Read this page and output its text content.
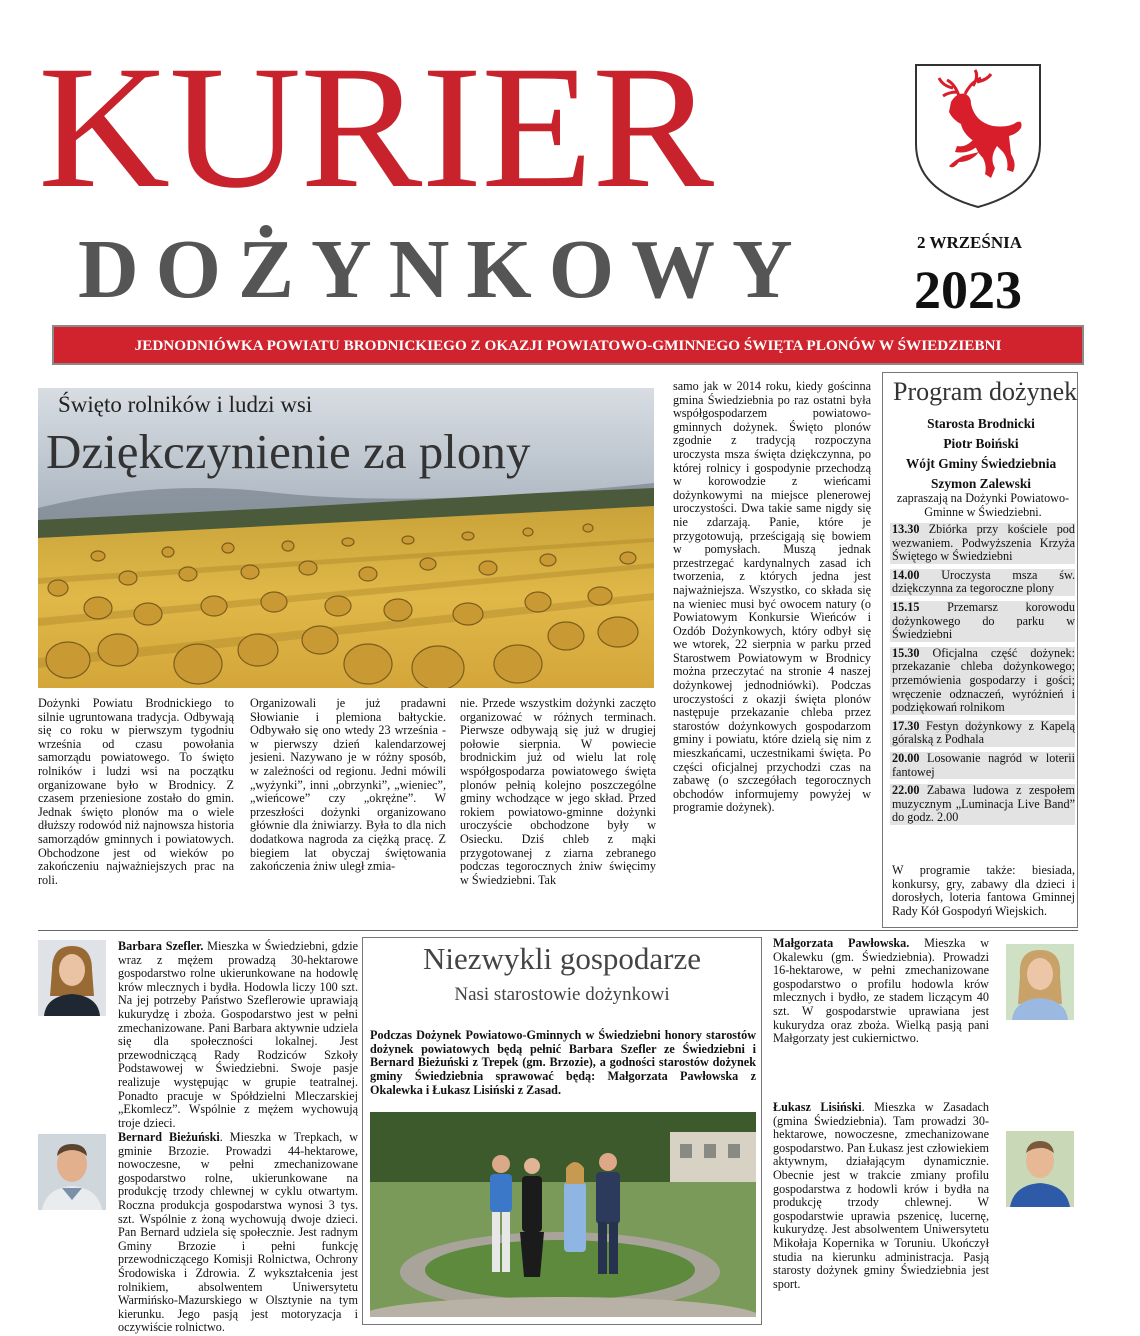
KURIER
DOŻYNKOWY	2 WRZEŚNIA
2023
JEDNODNIÓWKA POWIATU BRODNICKIEGO Z OKAZJI POWIATOWO-GMINNEGO ŚWIĘTA PLONÓW W ŚWIEDZIEBNI
Święto rolników i ludzi wsi
Dziękczynienie za plony

Dożynki Powiatu Brodnickiego to silnie ugruntowana tradycja. Odbywają się co roku w pierwszym tygodniu września od czasu powołania samorządu powiatowego. To święto rolników i ludzi wsi na początku organizowane było w Brodnicy. Z czasem przeniesione zostało do gmin. Jednak święto plonów ma o wiele dłuższy rodowód niż najnowsza historia samorządów gminnych i powiatowych. Obchodzone jest od wieków po zakończeniu najważniejszych prac na roli.

Organizowali je już pradawni Słowianie i plemiona bałtyckie. Odbywało się ono wtedy 23 września - w pierwszy dzień kalendarzowej jesieni. Nazywano je w różny sposób, w zależności od regionu. Jedni mówili „wyżynki”, inni „obrzynki”, „wieniec”, „wieńcowe” czy „okrężne”. W przeszłości dożynki organizowano głównie dla żniwiarzy. Była to dla nich dodatkowa nagroda za ciężką pracę. Z biegiem lat obyczaj świętowania zakończenia żniw uległ zmia-

nie. Przede wszystkim dożynki zaczęto organizować w różnych terminach. Pierwsze odbywają się już w drugiej połowie sierpnia. W powiecie brodnickim już od wielu lat rolę współgospodarza powiatowego święta plonów pełnią kolejno poszczególne gminy wchodzące w jego skład. Przed rokiem powiatowo-gminne dożynki uroczyście obchodzone były w Osiecku. Dziś chleb z mąki przygotowanej z ziarna zebranego podczas tegorocznych żniw święcimy w Świedziebni. Tak

samo jak w 2014 roku, kiedy gościnna gmina Świedziebnia po raz ostatni była współgospodarzem powiatowo-gminnych dożynek. Święto plonów zgodnie z tradycją rozpoczyna uroczysta msza święta dziękczynna, po której rolnicy i gospodynie przechodzą w korowodzie z wieńcami dożynkowymi na miejsce plenerowej uroczystości. Dwa takie same nigdy się nie zdarzają. Panie, które je przygotowują, prześcigają się bowiem w pomysłach. Muszą jednak przestrzegać kardynalnych zasad ich tworzenia, z których jedna jest najważniejsza. Wszystko, co składa się na wieniec musi być owocem natury (o Powiatowym Konkursie Wieńców i Ozdób Dożynkowych, który odbył się we wtorek, 22 sierpnia w parku przed Starostwem Powiatowym w Brodnicy można przeczytać na stronie 4 naszej dożynkowej jednodniówki). Podczas uroczystości z okazji święta plonów następuje przekazanie chleba przez starostów dożynkowych gospodarzom gminy i powiatu, które dzielą się nim z mieszkańcami, uczestnikami święta. Po części oficjalnej przychodzi czas na zabawę (o szczegółach tegorocznych obchodów informujemy powyżej w programie dożynek).

Program dożynek
Starosta Brodnicki
Piotr Boiński
Wójt Gminy Świedziebnia
Szymon Zalewski
zapraszają na Dożynki Powiatowo-Gminne w Świedziebni.

13.30 Zbiórka przy kościele pod wezwaniem. Podwyższenia Krzyża Świętego w Świedziebni

14.00 Uroczysta msza św. dziękczynna za tegoroczne plony

15.15 Przemarsz korowodu dożynkowego do parku w Świedziebni

15.30 Oficjalna część dożynek: przekazanie chleba dożynkowego; przemówienia gospodarzy i gości; wręczenie odznaczeń, wyróżnień i podziękowań rolnikom

17.30 Festyn dożynkowy z Kapelą góralską z Podhala

20.00 Losowanie nagród w loterii fantowej

22.00 Zabawa ludowa z zespołem muzycznym „Luminacja Live Band” do godz. 2.00

W programie także: biesiada, konkursy, gry, zabawy dla dzieci i dorosłych, loteria fantowa Gminnej Rady Kół Gospodyń Wiejskich.

Barbara Szefler. Mieszka w Świedziebni, gdzie wraz z mężem prowadzą 30-hektarowe gospodarstwo rolne ukierunkowane na hodowlę krów mlecznych i bydła. Hodowla liczy 100 szt. Na jej potrzeby Państwo Szeflerowie uprawiają kukurydzę i zboża. Gospodarstwo jest w pełni zmechanizowane. Pani Barbara aktywnie udziela się dla społeczności lokalnej. Jest przewodniczącą Rady Rodziców Szkoły Podstawowej w Świedziebni. Swoje pasje realizuje występując w grupie teatralnej. Ponadto pracuje w Spółdzielni Mleczarskiej „Ekomlecz”. Wspólnie z mężem wychowują troje dzieci.

Bernard Bieżuński. Mieszka w Trepkach, w gminie Brzozie. Prowadzi 44-hektarowe, nowoczesne, w pełni zmechanizowane gospodarstwo rolne, ukierunkowane na produkcję trzody chlewnej w cyklu otwartym. Roczna produkcja gospodarstwa wynosi 3 tys. szt. Wspólnie z żoną wychowują dwoje dzieci. Pan Bernard udziela się społecznie. Jest radnym Gminy Brzozie i pełni funkcję przewodniczącego Komisji Rolnictwa, Ochrony Środowiska i Zdrowia. Z wykształcenia jest rolnikiem, absolwentem Uniwersytetu Warmińsko-Mazurskiego w Olsztynie na tym kierunku. Jego pasją jest motoryzacja i oczywiście rolnictwo.

Niezwykli gospodarze
Nasi starostowie dożynkowi

Podczas Dożynek Powiatowo-Gminnych w Świedziebni honory starostów dożynek powiatowych będą pełnić Barbara Szefler ze Świedziebni i Bernard Bieżuński z Trepek (gm. Brzozie), a godności starostów dożynek gminy Świedziebnia sprawować będą: Małgorzata Pawłowska z Okalewka i Łukasz Lisiński z Zasad.

Małgorzata Pawłowska. Mieszka w Okalewku (gm. Świedziebnia). Prowadzi 16-hektarowe, w pełni zmechanizowane gospodarstwo o profilu hodowla krów mlecznych i bydło, ze stadem liczącym 40 szt. W gospodarstwie uprawiana jest kukurydza oraz zboża. Wielką pasją pani Małgorzaty jest cukiernictwo.

Łukasz Lisiński. Mieszka w Zasadach (gmina Świedziebnia). Tam prowadzi 30-hektarowe, nowoczesne, zmechanizowane gospodarstwo. Pan Łukasz jest człowiekiem aktywnym, działającym dynamicznie. Obecnie jest w trakcie zmiany profilu gospodarstwa z hodowli krów i bydła na produkcję trzody chlewnej. W gospodarstwie uprawia pszenicę, lucernę, kukurydzę. Jest absolwentem Uniwersytetu Mikołaja Kopernika w Toruniu. Ukończył studia na kierunku administracja. Pasją starosty dożynek gminy Świedziebnia jest sport.
